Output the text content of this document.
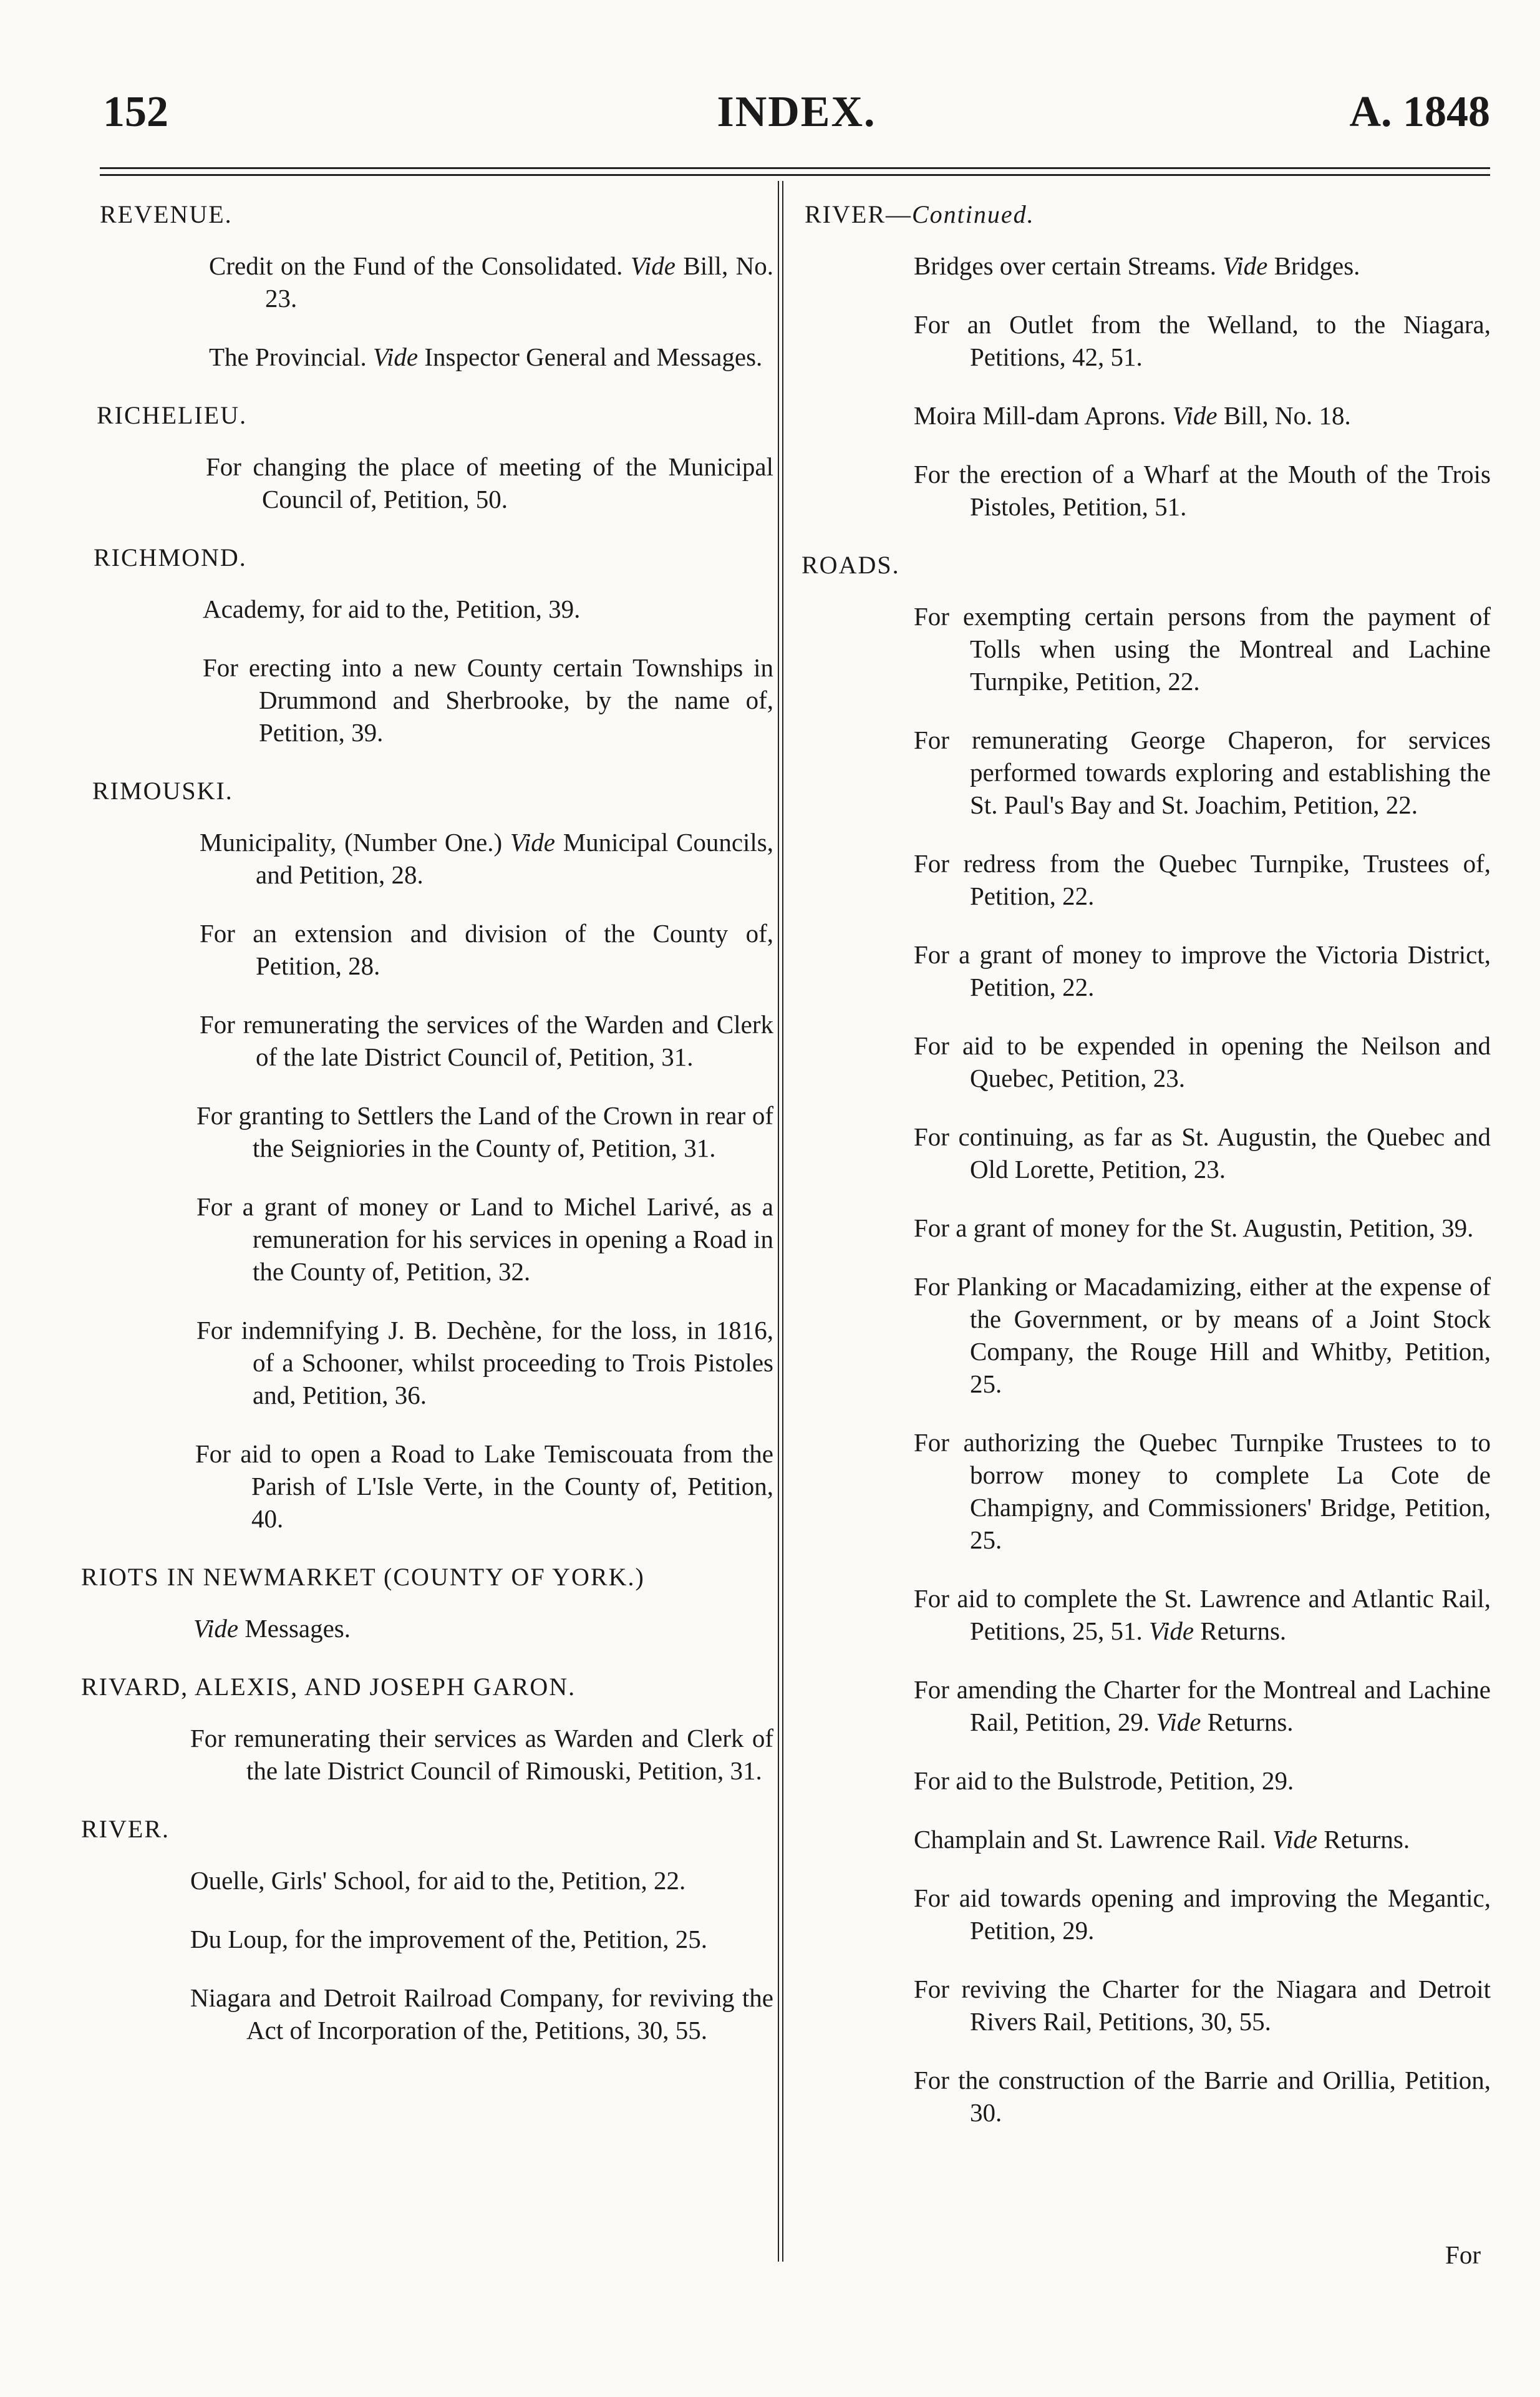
152	INDEX.	A. 1848
REVENUE.

Credit on the Fund of the Consolidated. Vide Bill, No. 23.

The Provincial. Vide Inspector General and Messages.

RICHELIEU.

For changing the place of meeting of the Municipal Council of, Petition, 50.

RICHMOND.

Academy, for aid to the, Petition, 39.

For erecting into a new County certain Townships in Drummond and Sherbrooke, by the name of, Petition, 39.

RIMOUSKI.

Municipality, (Number One.) Vide Municipal Councils, and Petition, 28.

For an extension and division of the County of, Petition, 28.

For remunerating the services of the Warden and Clerk of the late District Council of, Petition, 31.

For granting to Settlers the Land of the Crown in rear of the Seigniories in the County of, Petition, 31.

For a grant of money or Land to Michel Larivé, as a remuneration for his services in opening a Road in the County of, Petition, 32.

For indemnifying J. B. Dechène, for the loss, in 1816, of a Schooner, whilst proceeding to Trois Pistoles and, Petition, 36.

For aid to open a Road to Lake Temiscouata from the Parish of L'Isle Verte, in the County of, Petition, 40.

RIOTS IN NEWMARKET (COUNTY OF YORK.)

Vide Messages.

RIVARD, ALEXIS, AND JOSEPH GARON.

For remunerating their services as Warden and Clerk of the late District Council of Rimouski, Petition, 31.

RIVER.

Ouelle, Girls' School, for aid to the, Petition, 22.

Du Loup, for the improvement of the, Petition, 25.

Niagara and Detroit Railroad Company, for reviving the Act of Incorporation of the, Petitions, 30, 55.

RIVER—Continued.

Bridges over certain Streams. Vide Bridges.

For an Outlet from the Welland, to the Niagara, Petitions, 42, 51.

Moira Mill-dam Aprons. Vide Bill, No. 18.

For the erection of a Wharf at the Mouth of the Trois Pistoles, Petition, 51.

ROADS.

For exempting certain persons from the payment of Tolls when using the Montreal and Lachine Turnpike, Petition, 22.

For remunerating George Chaperon, for services performed towards exploring and establishing the St. Paul's Bay and St. Joachim, Petition, 22.

For redress from the Quebec Turnpike, Trustees of, Petition, 22.

For a grant of money to improve the Victoria District, Petition, 22.

For aid to be expended in opening the Neilson and Quebec, Petition, 23.

For continuing, as far as St. Augustin, the Quebec and Old Lorette, Petition, 23.

For a grant of money for the St. Augustin, Petition, 39.

For Planking or Macadamizing, either at the expense of the Government, or by means of a Joint Stock Company, the Rouge Hill and Whitby, Petition, 25.

For authorizing the Quebec Turnpike Trustees to to borrow money to complete La Cote de Champigny, and Commissioners' Bridge, Petition, 25.

For aid to complete the St. Lawrence and Atlantic Rail, Petitions, 25, 51. Vide Returns.

For amending the Charter for the Montreal and Lachine Rail, Petition, 29. Vide Returns.

For aid to the Bulstrode, Petition, 29.

Champlain and St. Lawrence Rail. Vide Returns.

For aid towards opening and improving the Megantic, Petition, 29.

For reviving the Charter for the Niagara and Detroit Rivers Rail, Petitions, 30, 55.

For the construction of the Barrie and Orillia, Petition, 30.

For
